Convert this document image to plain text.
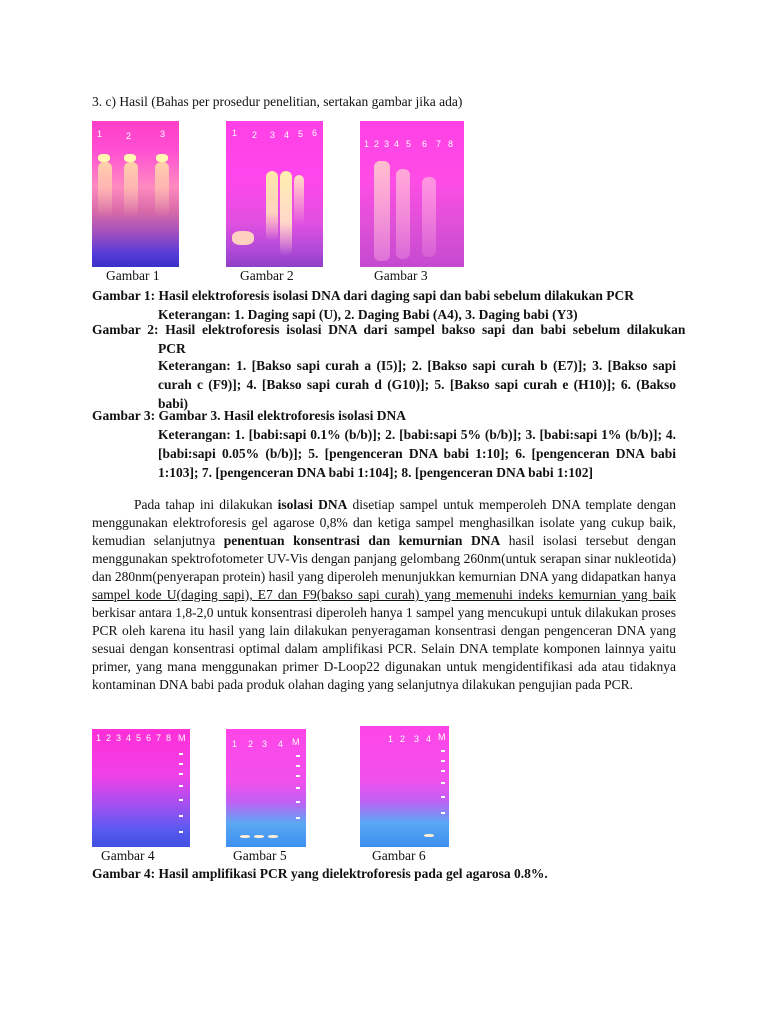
3. c) Hasil (Bahas per prosedur penelitian, sertakan gambar jika ada)
1	2	3
Gambar 1
1 2 3 4 5 6
Gambar 2
1 2 3 4 5 6 7 8
Gambar 3
Gambar 1: Hasil elektroforesis isolasi DNA dari daging sapi dan babi sebelum dilakukan PCR
Keterangan: 1. Daging sapi (U), 2. Daging Babi (A4), 3. Daging babi (Y3)
Gambar  2:  Hasil  elektroforesis  isolasi  DNA  dari  sampel  bakso  sapi  dan  babi  sebelum  dilakukan
PCR
Keterangan: 1. [Bakso sapi curah a (I5)]; 2. [Bakso sapi curah b (E7)]; 3. [Bakso sapi curah c (F9)]; 4. [Bakso sapi curah d (G10)]; 5. [Bakso sapi curah e (H10)]; 6. (Bakso babi)
Gambar 3: Gambar 3. Hasil elektroforesis isolasi DNA
Keterangan: 1. [babi:sapi 0.1% (b/b)]; 2. [babi:sapi 5% (b/b)]; 3. [babi:sapi 1% (b/b)]; 4. [babi:sapi 0.05% (b/b)]; 5. [pengenceran DNA babi 1:10]; 6. [pengenceran DNA babi 1:103]; 7. [pengenceran DNA babi 1:104]; 8. [pengenceran DNA babi 1:102]
Pada tahap ini dilakukan isolasi DNA disetiap sampel untuk memperoleh DNA template dengan menggunakan elektroforesis gel agarose 0,8% dan ketiga sampel menghasilkan isolate yang cukup baik, kemudian selanjutnya penentuan konsentrasi dan kemurnian DNA hasil isolasi tersebut dengan menggunakan spektrofotometer UV-Vis dengan panjang gelombang 260nm(untuk serapan sinar nukleotida) dan 280nm(penyerapan protein) hasil yang diperoleh menunjukkan kemurnian DNA yang didapatkan hanya sampel kode U(daging sapi), E7 dan F9(bakso sapi curah) yang memenuhi indeks kemurnian yang baik berkisar antara 1,8-2,0 untuk konsentrasi diperoleh hanya 1 sampel yang mencukupi untuk dilakukan proses PCR oleh karena itu hasil yang lain dilakukan penyeragaman konsentrasi dengan pengenceran DNA yang sesuai dengan konsentrasi optimal dalam amplifikasi PCR. Selain DNA template komponen lainnya yaitu primer, yang mana menggunakan primer D-Loop22 digunakan untuk mengidentifikasi ada atau tidaknya kontaminan DNA babi pada produk olahan daging yang selanjutnya dilakukan pengujian pada PCR.
1 2 3 4 5 6 7 8 M
Gambar 4
1 2 3 4 M
Gambar 5
1 2 3 4 M
Gambar 6
Gambar 4: Hasil amplifikasi PCR yang dielektroforesis pada gel agarosa 0.8%.
